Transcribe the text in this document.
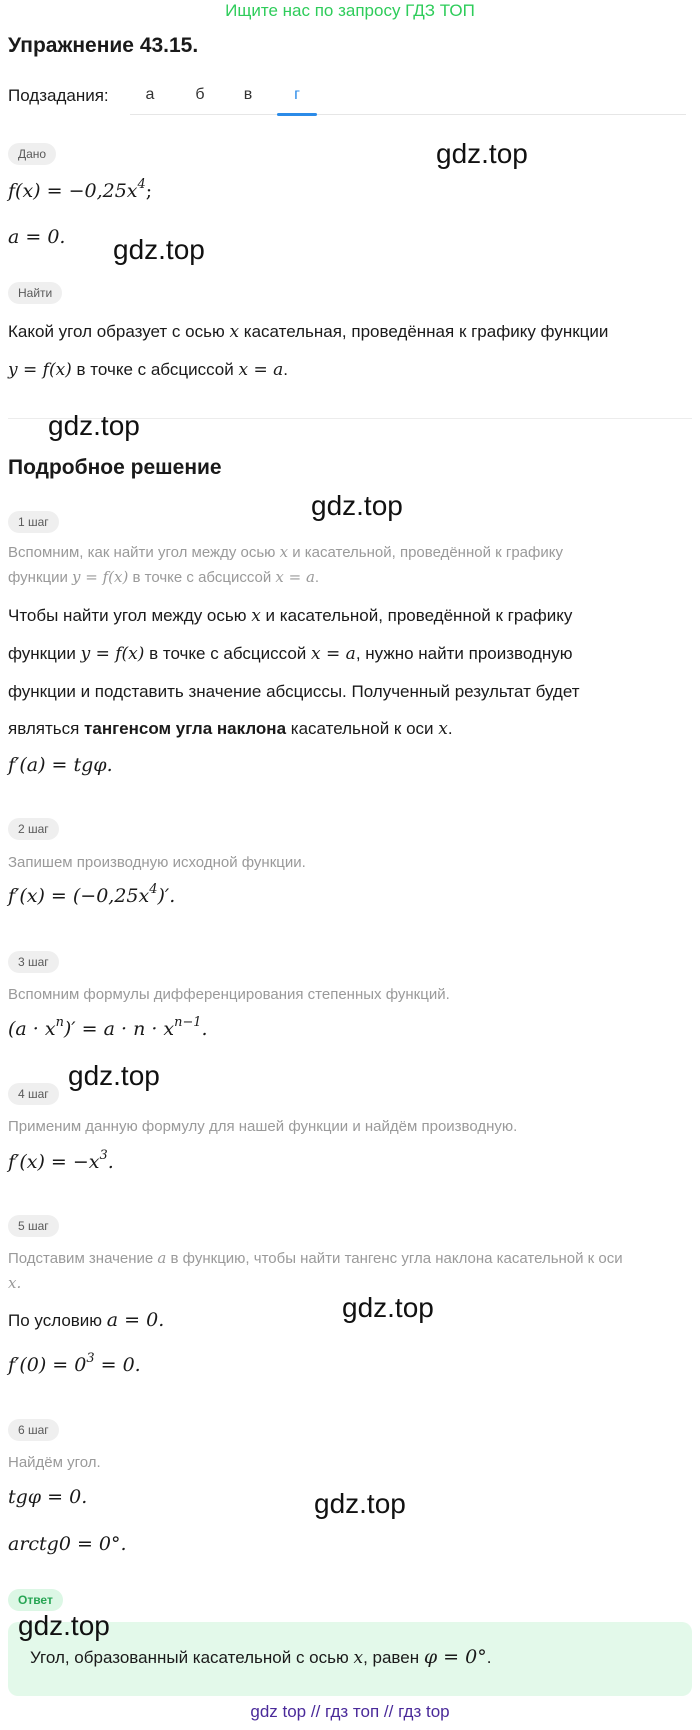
Ищите нас по запросу ГДЗ ТОП
Упражнение 43.15.
Подзадания:	а	б	в	г
Дано	gdz.top
$f(x) = -0,25x^4$;
a = 0. gdz.top
Найти
Какой угол образует с осью x касательная, проведённая к графику функции
y = f(x) в точке с абсциссой x = a.
gdz.top
Подробное решение
1 шаг
gdz.top
Вспомним, как найти угол между осью x и касательной, проведённой к графику
функции y = f(x) в точке с абсциссой x = a.
Чтобы найти угол между осью x и касательной, проведённой к графику
функции y = f(x) в точке с абсциссой x = a, нужно найти производную
функции и подставить значение абсциссы. Полученный результат будет
являться тангенсом угла наклона касательной к оси x.
f′(a) = tgφ.
2 шаг
Запишем производную исходной функции.
$f'(x) = (-0,25x^4)'$.
3 шаг
Вспомним формулы дифференцирования степенных функций.
$(a \cdot x^n)' = a \cdot n \cdot x^{n-1}$.
gdz.top
4 шаг
Применим данную формулу для нашей функции и найдём производную.
$f'(x) = -x^3$.
5 шаг
Подставим значение a в функцию, чтобы найти тангенс угла наклона касательной к оси
x.
По условию a = 0.	gdz.top
$f'(0) = 0^3 = 0$.
6 шаг
Найдём угол.
tgφ = 0.	gdz.top
arctg0 = 0°.
Ответ
gdz.top
Угол, образованный касательной с осью x, равен φ = 0°.
gdz top // гдз топ // гдз top
